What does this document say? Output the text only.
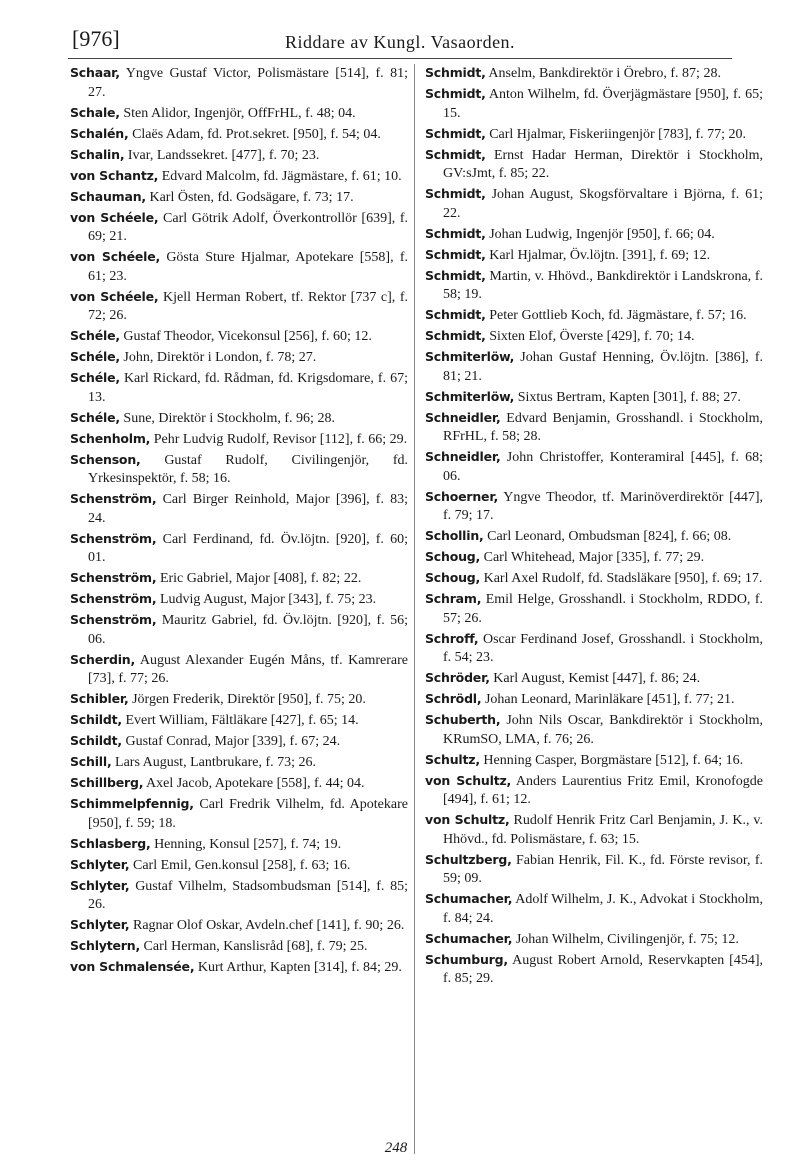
[976]	Riddare av Kungl. Vasaorden.

Schaar, Yngve Gustaf Victor, Polismästare [514], f. 81; 27.

Schale, Sten Alidor, Ingenjör, OffFrHL, f. 48; 04.

Schalén, Claës Adam, fd. Prot.sekret. [950], f. 54; 04.

Schalin, Ivar, Landssekret. [477], f. 70; 23.

von Schantz, Edvard Malcolm, fd. Jägmästare, f. 61; 10.

Schauman, Karl Östen, fd. Godsägare, f. 73; 17.

von Schéele, Carl Götrik Adolf, Överkontrollör [639], f. 69; 21.

von Schéele, Gösta Sture Hjalmar, Apotekare [558], f. 61; 23.

von Schéele, Kjell Herman Robert, tf. Rektor [737 c], f. 72; 26.

Schéle, Gustaf Theodor, Vicekonsul [256], f. 60; 12.

Schéle, John, Direktör i London, f. 78; 27.

Schéle, Karl Rickard, fd. Rådman, fd. Krigsdomare, f. 67; 13.

Schéle, Sune, Direktör i Stockholm, f. 96; 28.

Schenholm, Pehr Ludvig Rudolf, Revisor [112], f. 66; 29.

Schenson, Gustaf Rudolf, Civilingenjör, fd. Yrkesinspektör, f. 58; 16.

Schenström, Carl Birger Reinhold, Major [396], f. 83; 24.

Schenström, Carl Ferdinand, fd. Öv.löjtn. [920], f. 60; 01.

Schenström, Eric Gabriel, Major [408], f. 82; 22.

Schenström, Ludvig August, Major [343], f. 75; 23.

Schenström, Mauritz Gabriel, fd. Öv.löjtn. [920], f. 56; 06.

Scherdin, August Alexander Eugén Måns, tf. Kamrerare [73], f. 77; 26.

Schibler, Jörgen Frederik, Direktör [950], f. 75; 20.

Schildt, Evert William, Fältläkare [427], f. 65; 14.

Schildt, Gustaf Conrad, Major [339], f. 67; 24.

Schill, Lars August, Lantbrukare, f. 73; 26.

Schillberg, Axel Jacob, Apotekare [558], f. 44; 04.

Schimmelpfennig, Carl Fredrik Vilhelm, fd. Apotekare [950], f. 59; 18.

Schlasberg, Henning, Konsul [257], f. 74; 19.

Schlyter, Carl Emil, Gen.konsul [258], f. 63; 16.

Schlyter, Gustaf Vilhelm, Stadsombudsman [514], f. 85; 26.

Schlyter, Ragnar Olof Oskar, Avdeln.chef [141], f. 90; 26.

Schlytern, Carl Herman, Kanslisråd [68], f. 79; 25.

von Schmalensée, Kurt Arthur, Kapten [314], f. 84; 29.

Schmidt, Anselm, Bankdirektör i Örebro, f. 87; 28.

Schmidt, Anton Wilhelm, fd. Överjägmästare [950], f. 65; 15.

Schmidt, Carl Hjalmar, Fiskeriingenjör [783], f. 77; 20.

Schmidt, Ernst Hadar Herman, Direktör i Stockholm, GV:sJmt, f. 85; 22.

Schmidt, Johan August, Skogsförvaltare i Björna, f. 61; 22.

Schmidt, Johan Ludwig, Ingenjör [950], f. 66; 04.

Schmidt, Karl Hjalmar, Öv.löjtn. [391], f. 69; 12.

Schmidt, Martin, v. Hhövd., Bankdirektör i Landskrona, f. 58; 19.

Schmidt, Peter Gottlieb Koch, fd. Jägmästare, f. 57; 16.

Schmidt, Sixten Elof, Överste [429], f. 70; 14.

Schmiterlöw, Johan Gustaf Henning, Öv.löjtn. [386], f. 81; 21.

Schmiterlöw, Sixtus Bertram, Kapten [301], f. 88; 27.

Schneidler, Edvard Benjamin, Grosshandl. i Stockholm, RFrHL, f. 58; 28.

Schneidler, John Christoffer, Konteramiral [445], f. 68; 06.

Schoerner, Yngve Theodor, tf. Marinöverdirektör [447], f. 79; 17.

Schollin, Carl Leonard, Ombudsman [824], f. 66; 08.

Schoug, Carl Whitehead, Major [335], f. 77; 29.

Schoug, Karl Axel Rudolf, fd. Stadsläkare [950], f. 69; 17.

Schram, Emil Helge, Grosshandl. i Stockholm, RDDO, f. 57; 26.

Schroff, Oscar Ferdinand Josef, Grosshandl. i Stockholm, f. 54; 23.

Schröder, Karl August, Kemist [447], f. 86; 24.

Schrödl, Johan Leonard, Marinläkare [451], f. 77; 21.

Schuberth, John Nils Oscar, Bankdirektör i Stockholm, KRumSO, LMA, f. 76; 26.

Schultz, Henning Casper, Borgmästare [512], f. 64; 16.

von Schultz, Anders Laurentius Fritz Emil, Kronofogde [494], f. 61; 12.

von Schultz, Rudolf Henrik Fritz Carl Benjamin, J. K., v. Hhövd., fd. Polismästare, f. 63; 15.

Schultzberg, Fabian Henrik, Fil. K., fd. Förste revisor, f. 59; 09.

Schumacher, Adolf Wilhelm, J. K., Advokat i Stockholm, f. 84; 24.

Schumacher, Johan Wilhelm, Civilingenjör, f. 75; 12.

Schumburg, August Robert Arnold, Reservkapten [454], f. 85; 29.

248
